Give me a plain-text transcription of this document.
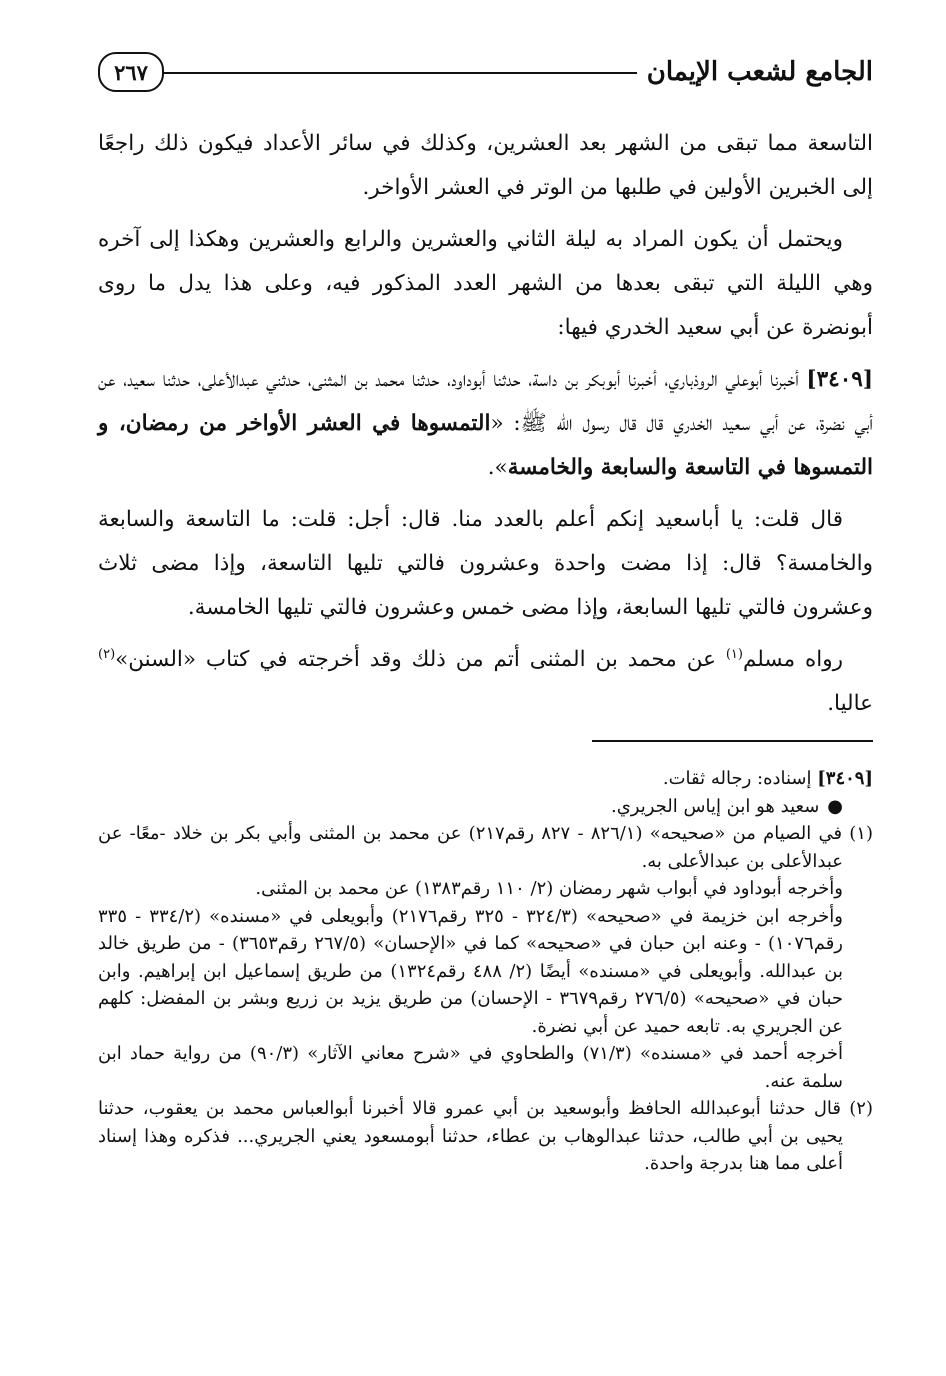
الجامع لشعب الإيمان
٢٦٧

التاسعة مما تبقى من الشهر بعد العشرين، وكذلك في سائر الأعداد فيكون ذلك راجعًا إلى الخبرين الأولين في طلبها من الوتر في العشر الأواخر.

ويحتمل أن يكون المراد به ليلة الثاني والعشرين والرابع والعشرين وهكذا إلى آخره وهي الليلة التي تبقى بعدها من الشهر العدد المذكور فيه، وعلى هذا يدل ما روى أبونضرة عن أبي سعيد الخدري فيها:

[٣٤٠٩] أخبرنا أبوعلي الروذباري، أخبرنا أبوبكر بن داسة، حدثنا أبوداود، حدثنا محمد بن المثنى، حدثني عبدالأعلى، حدثنا سعيد، عن أبي نضرة، عن أبي سعيد الخدري قال قال رسول الله ﷺ: «التمسوها في العشر الأواخر من رمضان، و التمسوها في التاسعة والسابعة والخامسة».

قال قلت: يا أباسعيد إنكم أعلم بالعدد منا. قال: أجل: قلت: ما التاسعة والسابعة والخامسة؟ قال: إذا مضت واحدة وعشرون فالتي تليها التاسعة، وإذا مضى ثلاث وعشرون فالتي تليها السابعة، وإذا مضى خمس وعشرون فالتي تليها الخامسة.

رواه مسلم$^{(١)}$ عن محمد بن المثنى أتم من ذلك وقد أخرجته في كتاب «السنن»$^{(٢)}$ عاليا.

[٣٤٠٩] إسناده: رجاله ثقات.

●سعيد هو ابن إياس الجريري.

(١) في الصيام من «صحيحه» (٨٢٦/١ - ٨٢٧ رقم٢١٧) عن محمد بن المثنى وأبي بكر بن خلاد -معًا- عن عبدالأعلى بن عبدالأعلى به.

وأخرجه أبوداود في أبواب شهر رمضان (٢/ ١١٠ رقم١٣٨٣) عن محمد بن المثنى.

وأخرجه ابن خزيمة في «صحيحه» (٣٢٤/٣ - ٣٢٥ رقم٢١٧٦) وأبويعلى في «مسنده» (٣٣٤/٢ - ٣٣٥ رقم١٠٧٦) - وعنه ابن حبان في «صحيحه» كما في «الإحسان» (٢٦٧/٥ رقم٣٦٥٣) - من طريق خالد بن عبدالله. وأبويعلى في «مسنده» أيضًا (٢/ ٤٨٨ رقم١٣٢٤) من طريق إسماعيل ابن إبراهيم. وابن حبان في «صحيحه» (٢٧٦/٥ رقم٣٦٧٩ - الإحسان) من طريق يزيد بن زريع وبشر بن المفضل: كلهم عن الجريري به. تابعه حميد عن أبي نضرة.

أخرجه أحمد في «مسنده» (٧١/٣) والطحاوي في «شرح معاني الآثار» (٩٠/٣) من رواية حماد ابن سلمة عنه.

(٢) قال حدثنا أبوعبدالله الحافظ وأبوسعيد بن أبي عمرو قالا أخبرنا أبوالعباس محمد بن يعقوب، حدثنا يحيى بن أبي طالب، حدثنا عبدالوهاب بن عطاء، حدثنا أبومسعود يعني الجريري... فذكره وهذا إسناد أعلى مما هنا بدرجة واحدة.
